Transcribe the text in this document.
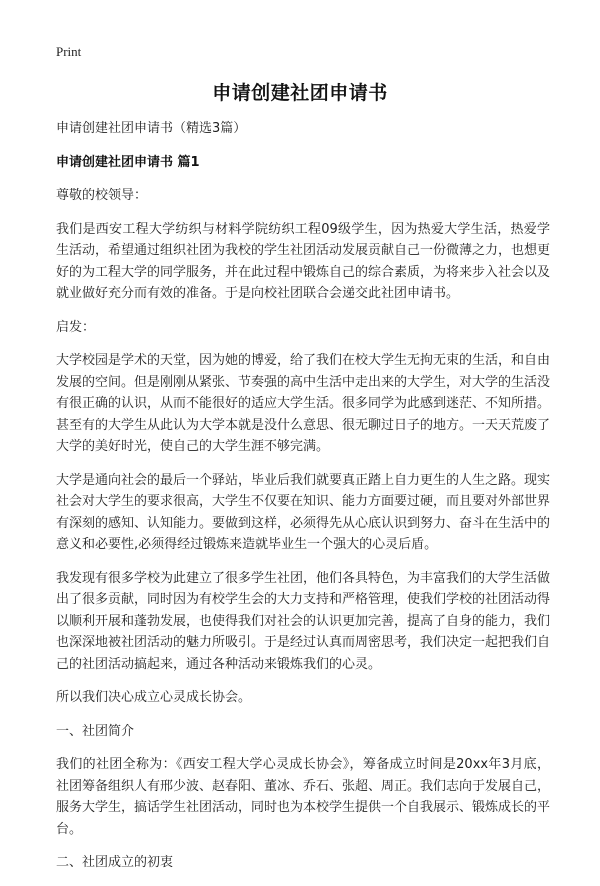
Print
申请创建社团申请书

申请创建社团申请书（精选3篇）

申请创建社团申请书 篇1

尊敬的校领导：

我们是西安工程大学纺织与材料学院纺织工程09级学生，因为热爱大学生活，热爱学生活动，希望通过组织社团为我校的学生社团活动发展贡献自己一份微薄之力，也想更好的为工程大学的同学服务，并在此过程中锻炼自己的综合素质，为将来步入社会以及就业做好充分而有效的准备。于是向校社团联合会递交此社团申请书。

启发：

大学校园是学术的天堂，因为她的博爱，给了我们在校大学生无拘无束的生活，和自由发展的空间。但是刚刚从紧张、节奏强的高中生活中走出来的大学生，对大学的生活没有很正确的认识，从而不能很好的适应大学生活。很多同学为此感到迷茫、不知所措。甚至有的大学生从此认为大学本就是没什么意思、很无聊过日子的地方。一天天荒废了大学的美好时光，使自己的大学生涯不够完满。

大学是通向社会的最后一个驿站，毕业后我们就要真正踏上自力更生的人生之路。现实社会对大学生的要求很高，大学生不仅要在知识、能力方面要过硬，而且要对外部世界有深刻的感知、认知能力。要做到这样，必须得先从心底认识到努力、奋斗在生活中的意义和必要性,必须得经过锻炼来造就毕业生一个强大的心灵后盾。

我发现有很多学校为此建立了很多学生社团，他们各具特色，为丰富我们的大学生活做出了很多贡献，同时因为有校学生会的大力支持和严格管理，使我们学校的社团活动得以顺利开展和蓬勃发展，也使得我们对社会的认识更加完善，提高了自身的能力，我们也深深地被社团活动的魅力所吸引。于是经过认真而周密思考，我们决定一起把我们自己的社团活动搞起来，通过各种活动来锻炼我们的心灵。

所以我们决心成立心灵成长协会。

一、社团简介

我们的社团全称为：《西安工程大学心灵成长协会》，筹备成立时间是20xx年3月底，社团筹备组织人有邢少波、赵春阳、董冰、乔石、张超、周正。我们志向于发展自己，服务大学生，搞话学生社团活动，同时也为本校学生提供一个自我展示、锻炼成长的平台。

二、社团成立的初衷
